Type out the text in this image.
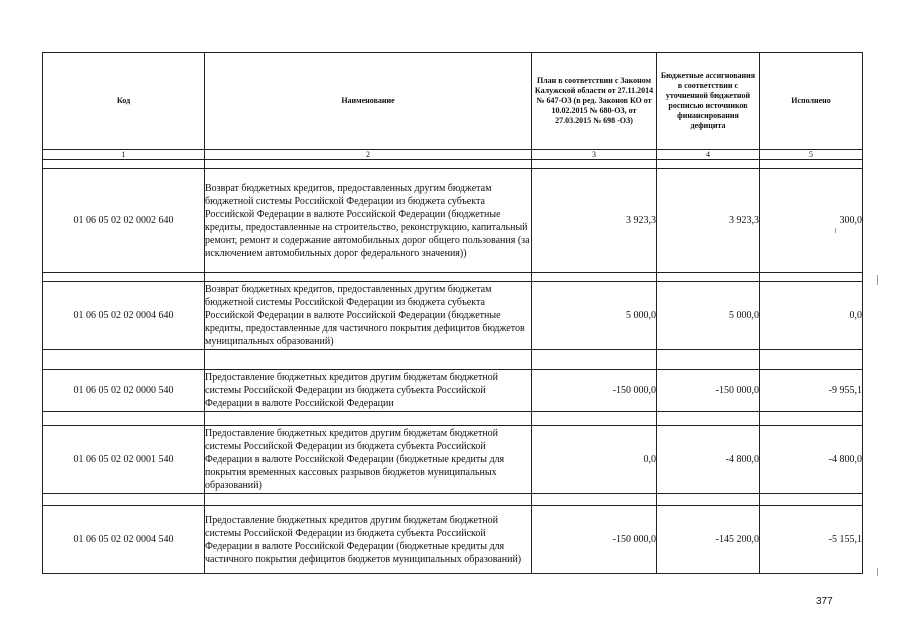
Код	Наименование	План в соответствии с Законом Калужской области от 27.11.2014 № 647-ОЗ (в ред. Законов КО от 10.02.2015 № 680-ОЗ, от 27.03.2015 № 698 -ОЗ)	Бюджетные ассигнования в соответствии с уточненной бюджетной росписью источников финансирования дефицита	Исполнено
1	2	3	4	5

01 06 05 02 02 0002 640	Возврат бюджетных кредитов, предоставленных другим бюджетам бюджетной системы Российской Федерации из бюджета субъекта Российской Федерации в валюте Российской Федерации (бюджетные кредиты, предоставленные на строительство, реконструкцию, капитальный ремонт, ремонт и содержание автомобильных дорог общего пользования (за исключением автомобильных дорог федерального значения))	3 923,3	3 923,3	300,0

01 06 05 02 02 0004 640	Возврат бюджетных кредитов, предоставленных другим бюджетам бюджетной системы Российской Федерации из бюджета субъекта Российской Федерации в валюте Российской Федерации (бюджетные кредиты, предоставленные для частичного покрытия дефицитов бюджетов муниципальных образований)	5 000,0	5 000,0	0,0

01 06 05 02 02 0000 540	Предоставление бюджетных кредитов другим бюджетам бюджетной системы Российской Федерации из бюджета субъекта Российской Федерации в валюте Российской Федерации	-150 000,0	-150 000,0	-9 955,1

01 06 05 02 02 0001 540	Предоставление бюджетных кредитов другим бюджетам бюджетной системы Российской Федерации из бюджета субъекта Российской Федерации в валюте Российской Федерации (бюджетные кредиты для покрытия временных кассовых разрывов бюджетов муниципальных образований)	0,0	-4 800,0	-4 800,0

01 06 05 02 02 0004 540	Предоставление бюджетных кредитов другим бюджетам бюджетной системы Российской Федерации из бюджета субъекта Российской Федерации в валюте Российской Федерации (бюджетные кредиты для частичного покрытия дефицитов бюджетов муниципальных образований)	-150 000,0	-145 200,0	-5 155,1
377
